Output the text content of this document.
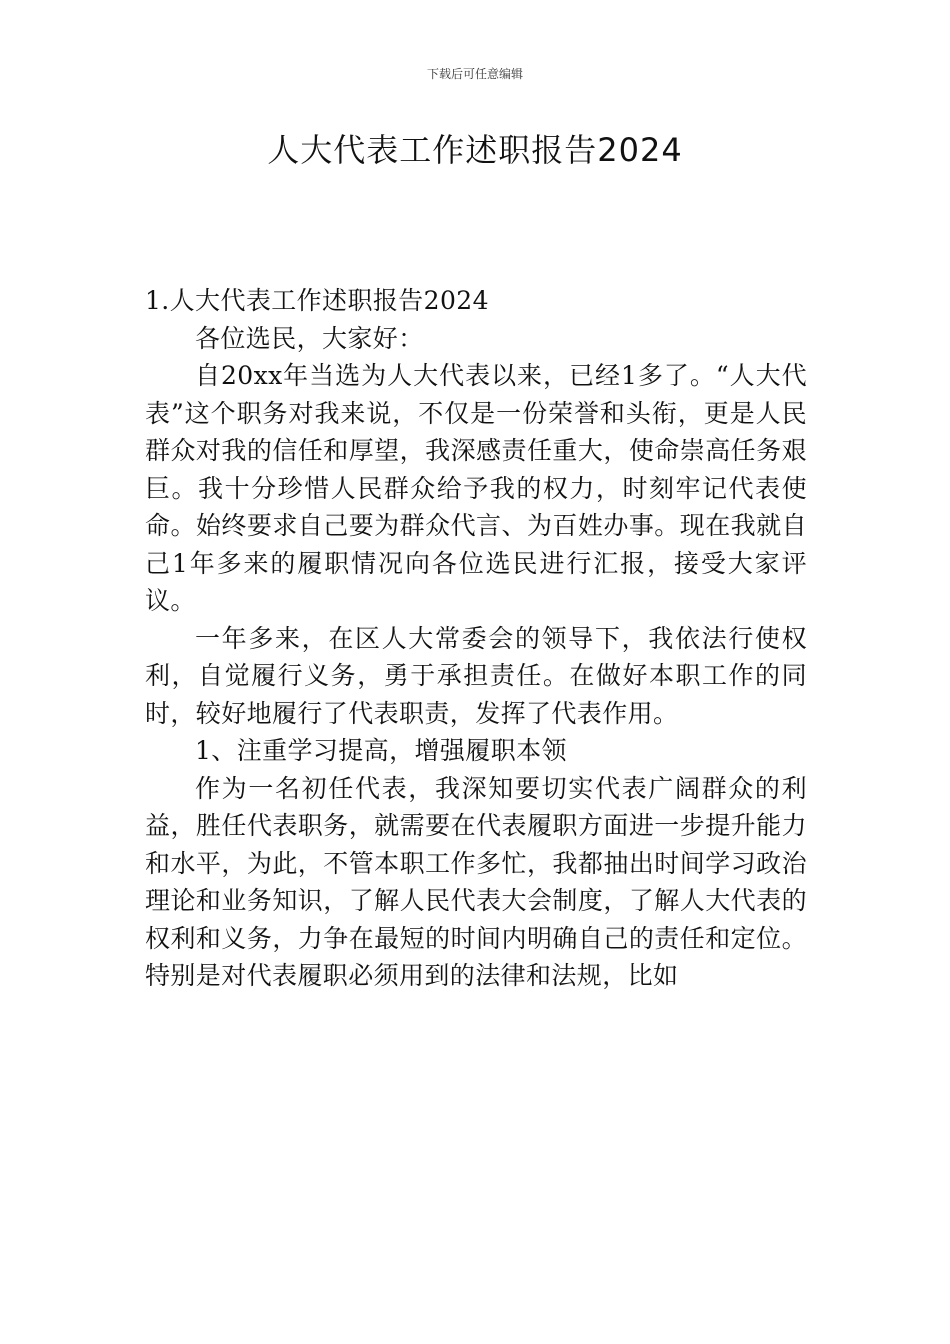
下载后可任意编辑
人大代表工作述职报告2024

1.人大代表工作述职报告2024

各位选民，大家好：

自20xx年当选为人大代表以来，已经1多了。“人大代表”这个职务对我来说，不仅是一份荣誉和头衔，更是人民群众对我的信任和厚望，我深感责任重大，使命崇高任务艰巨。我十分珍惜人民群众给予我的权力，时刻牢记代表使命。始终要求自己要为群众代言、为百姓办事。现在我就自己1年多来的履职情况向各位选民进行汇报，接受大家评议。

一年多来，在区人大常委会的领导下，我依法行使权利，自觉履行义务，勇于承担责任。在做好本职工作的同时，较好地履行了代表职责，发挥了代表作用。

1、注重学习提高，增强履职本领

作为一名初任代表，我深知要切实代表广阔群众的利益，胜任代表职务，就需要在代表履职方面进一步提升能力和水平，为此，不管本职工作多忙，我都抽出时间学习政治理论和业务知识，了解人民代表大会制度，了解人大代表的权利和义务，力争在最短的时间内明确自己的责任和定位。特别是对代表履职必须用到的法律和法规，比如
